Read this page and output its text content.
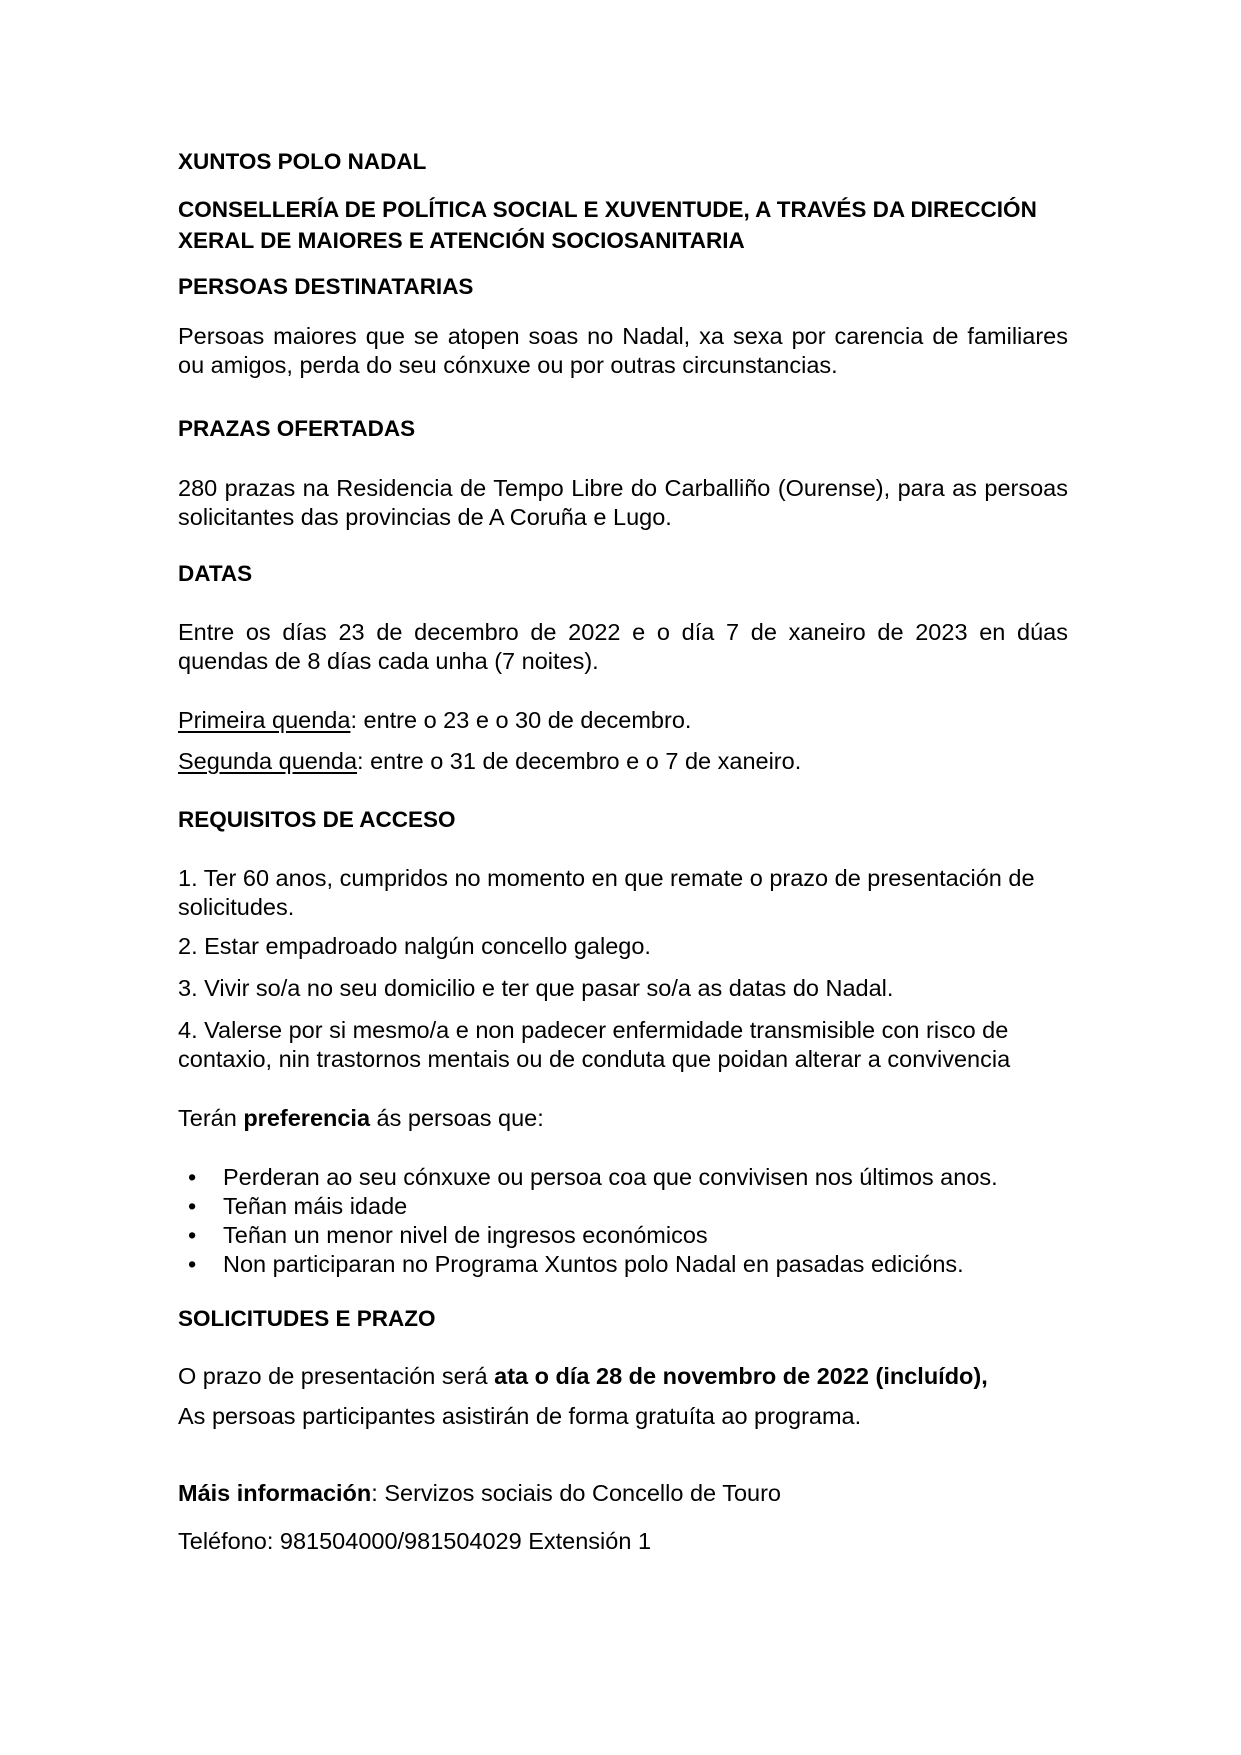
XUNTOS POLO NADAL
CONSELLERÍA DE POLÍTICA SOCIAL E XUVENTUDE, A TRAVÉS DA DIRECCIÓN XERAL DE MAIORES E ATENCIÓN SOCIOSANITARIA
PERSOAS DESTINATARIAS
Persoas maiores que se atopen soas no Nadal, xa sexa por carencia de familiares ou amigos, perda do seu cónxuxe ou por outras circunstancias.
PRAZAS OFERTADAS
280 prazas na Residencia de Tempo Libre do Carballiño (Ourense), para as persoas solicitantes das provincias de A Coruña e Lugo.
DATAS
Entre os días 23 de decembro de 2022 e o día 7 de xaneiro de 2023 en dúas quendas de 8 días cada unha (7 noites).
Primeira quenda: entre o 23 e o 30 de decembro.
Segunda quenda: entre o 31 de decembro e o 7 de xaneiro.
REQUISITOS DE ACCESO
1. Ter 60 anos, cumpridos no momento en que remate o prazo de presentación de solicitudes.
2. Estar empadroado nalgún concello galego.
3. Vivir so/a no seu domicilio e ter que pasar so/a as datas do Nadal.
4. Valerse por si mesmo/a e non padecer enfermidade transmisible con risco de contaxio, nin trastornos mentais ou de conduta que poidan alterar a convivencia
Terán preferencia ás persoas que:
• Perderan ao seu cónxuxe ou persoa coa que convivisen nos últimos anos.
• Teñan máis idade
• Teñan un menor nivel de ingresos económicos
• Non participaran no Programa Xuntos polo Nadal en pasadas edicións.
SOLICITUDES E PRAZO
O prazo de presentación será ata o día 28 de novembro de 2022 (incluído),
As persoas participantes asistirán de forma gratuíta ao programa.
Máis información: Servizos sociais do Concello de Touro
Teléfono: 981504000/981504029 Extensión 1
